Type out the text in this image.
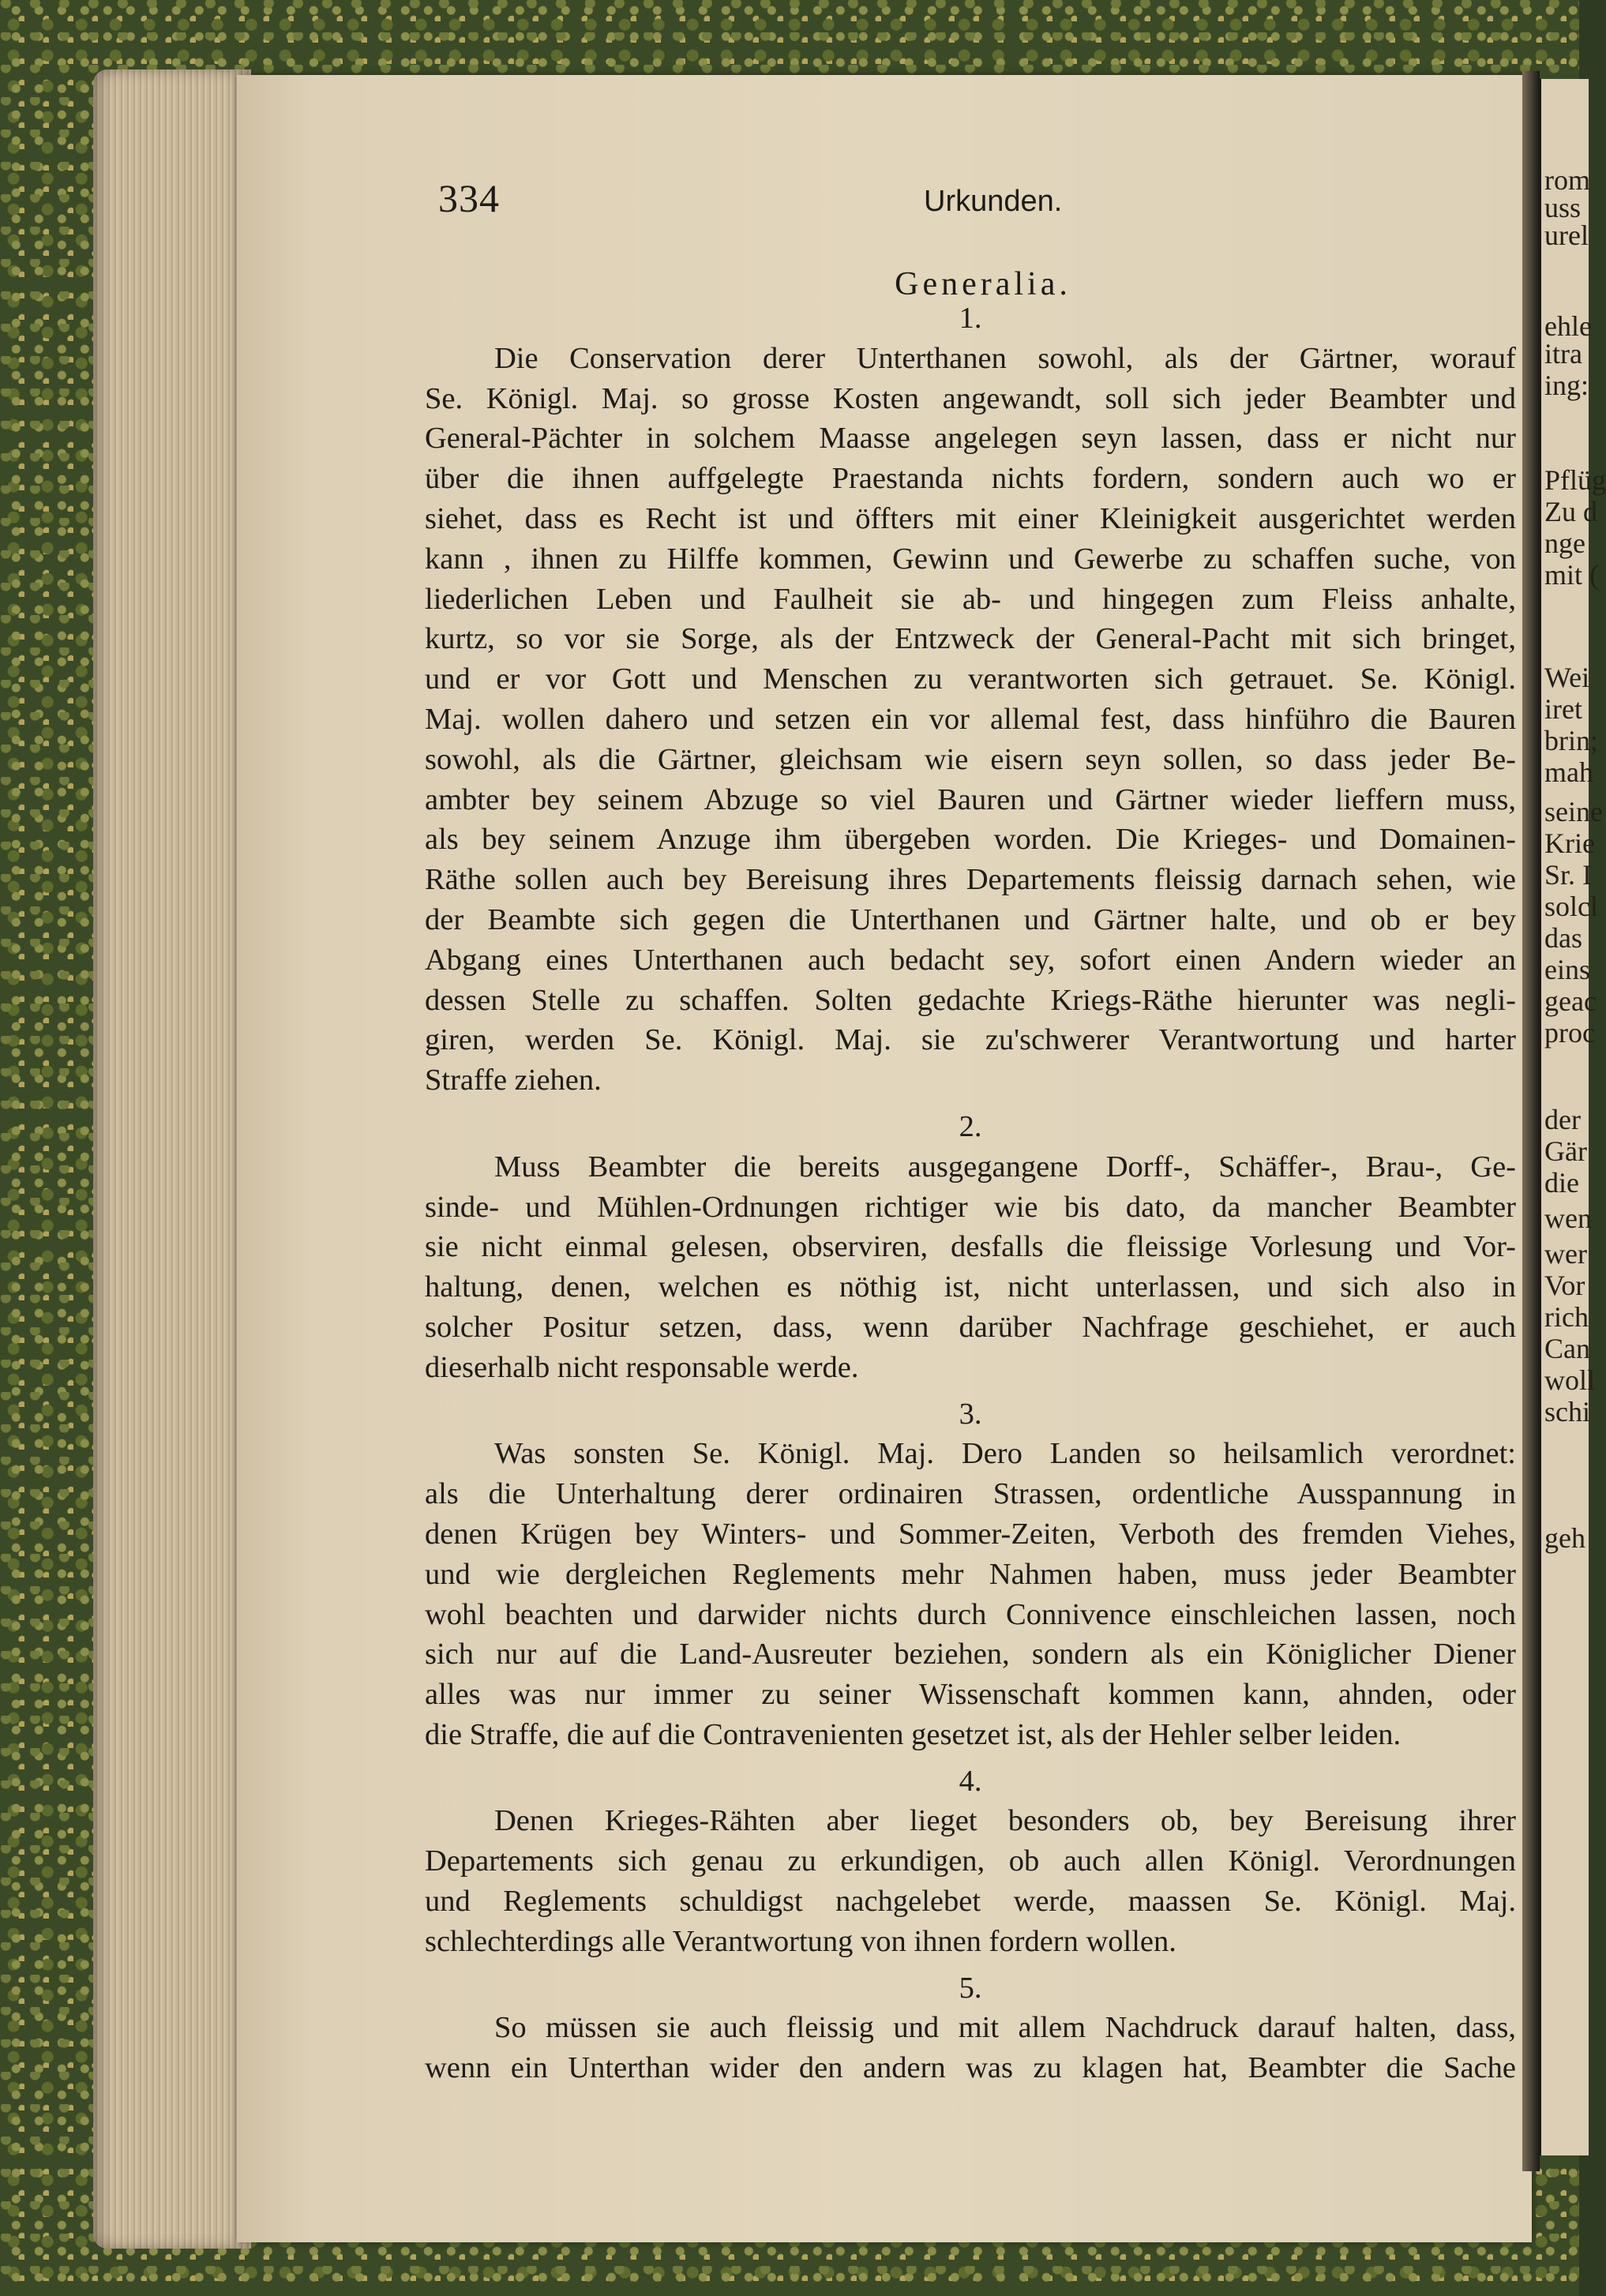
rom
uss
urel
ehle
itra
ing:
Pflüg
Zu d
nge
mit (
Wei
iret
brin;
mah
seine
Krie
Sr. I
solcl
das
eins
geac
proc
der
Gär
die
wen
wer
Vor
rich
Can
woll
schi
geh
334	Urkunden.
Generalia.
1.
Die Conservation derer Unterthanen sowohl, als der Gärtner, worauf
Se. Königl. Maj. so grosse Kosten angewandt, soll sich jeder Beambter und
General-Pächter in solchem Maasse angelegen seyn lassen, dass er nicht nur
über die ihnen auffgelegte Praestanda nichts fordern, sondern auch wo er
siehet, dass es Recht ist und öffters mit einer Kleinigkeit ausgerichtet werden
kann , ihnen zu Hilffe kommen, Gewinn und Gewerbe zu schaffen suche, von
liederlichen Leben und Faulheit sie ab- und hingegen zum Fleiss anhalte,
kurtz, so vor sie Sorge, als der Entzweck der General-Pacht mit sich bringet,
und er vor Gott und Menschen zu verantworten sich getrauet. Se. Königl.
Maj. wollen dahero und setzen ein vor allemal fest, dass hinführo die Bauren
sowohl, als die Gärtner, gleichsam wie eisern seyn sollen, so dass jeder Be-
ambter bey seinem Abzuge so viel Bauren und Gärtner wieder lieffern muss,
als bey seinem Anzuge ihm übergeben worden. Die Krieges- und Domainen-
Räthe sollen auch bey Bereisung ihres Departements fleissig darnach sehen, wie
der Beambte sich gegen die Unterthanen und Gärtner halte, und ob er bey
Abgang eines Unterthanen auch bedacht sey, sofort einen Andern wieder an
dessen Stelle zu schaffen. Solten gedachte Kriegs-Räthe hierunter was negli-
giren, werden Se. Königl. Maj. sie zu'schwerer Verantwortung und harter
Straffe ziehen.
2.
Muss Beambter die bereits ausgegangene Dorff-, Schäffer-, Brau-, Ge-
sinde- und Mühlen-Ordnungen richtiger wie bis dato, da mancher Beambter
sie nicht einmal gelesen, observiren, desfalls die fleissige Vorlesung und Vor-
haltung, denen, welchen es nöthig ist, nicht unterlassen, und sich also in
solcher Positur setzen, dass, wenn darüber Nachfrage geschiehet, er auch
dieserhalb nicht responsable werde.
3.
Was sonsten Se. Königl. Maj. Dero Landen so heilsamlich verordnet:
als die Unterhaltung derer ordinairen Strassen, ordentliche Ausspannung in
denen Krügen bey Winters- und Sommer-Zeiten, Verboth des fremden Viehes,
und wie dergleichen Reglements mehr Nahmen haben, muss jeder Beambter
wohl beachten und darwider nichts durch Connivence einschleichen lassen, noch
sich nur auf die Land-Ausreuter beziehen, sondern als ein Königlicher Diener
alles was nur immer zu seiner Wissenschaft kommen kann, ahnden, oder
die Straffe, die auf die Contravenienten gesetzet ist, als der Hehler selber leiden.
4.
Denen Krieges-Rähten aber lieget besonders ob, bey Bereisung ihrer
Departements sich genau zu erkundigen, ob auch allen Königl. Verordnungen
und Reglements schuldigst nachgelebet werde, maassen Se. Königl. Maj.
schlechterdings alle Verantwortung von ihnen fordern wollen.
5.
So müssen sie auch fleissig und mit allem Nachdruck darauf halten, dass,
wenn ein Unterthan wider den andern was zu klagen hat, Beambter die Sache
